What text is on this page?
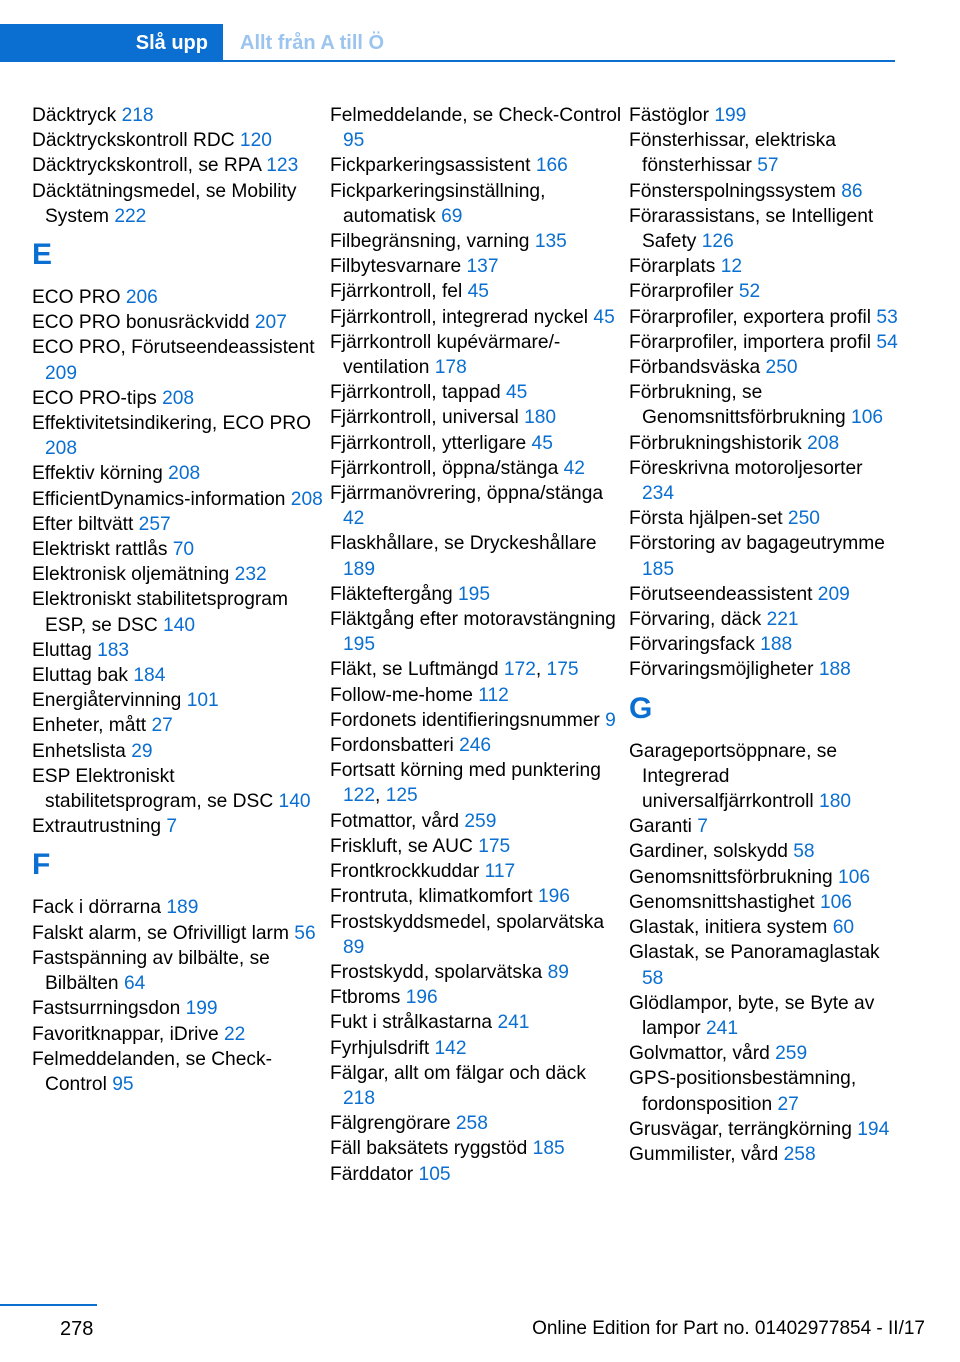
Slå upp	Allt från A till Ö
Däcktryck 218
Däcktryckskontroll RDC 120
Däcktryckskontroll, se RPA 123
Däcktätningsmedel, se Mobility System 222
E
ECO PRO 206
ECO PRO bonusräckvidd 207
ECO PRO, Förutseendeassistent 209
ECO PRO-tips 208
Effektivitetsindikering, ECO PRO 208
Effektiv körning 208
EfficientDynamics-information 208
Efter biltvätt 257
Elektriskt rattlås 70
Elektronisk oljemätning 232
Elektroniskt stabilitetsprogram ESP, se DSC 140
Eluttag 183
Eluttag bak 184
Energiåtervinning 101
Enheter, mått 27
Enhetslista 29
ESP Elektroniskt stabilitetsprogram, se DSC 140
Extrautrustning 7
F
Fack i dörrarna 189
Falskt alarm, se Ofrivilligt larm 56
Fastspänning av bilbälte, se Bilbälten 64
Fastsurrningsdon 199
Favoritknappar, iDrive 22
Felmeddelanden, se Check-Control 95
Felmeddelande, se Check-Control 95
Fickparkeringsassistent 166
Fickparkeringsinställning, automatisk 69
Filbegränsning, varning 135
Filbytesvarnare 137
Fjärrkontroll, fel 45
Fjärrkontroll, integrerad nyckel 45
Fjärrkontroll kupévärmare/-ventilation 178
Fjärrkontroll, tappad 45
Fjärrkontroll, universal 180
Fjärrkontroll, ytterligare 45
Fjärrkontroll, öppna/stänga 42
Fjärrmanövrering, öppna/stänga 42
Flaskhållare, se Dryckeshållare 189
Fläkteftergång 195
Fläktgång efter motoravstängning 195
Fläkt, se Luftmängd 172, 175
Follow-me-home 112
Fordonets identifieringsnummer 9
Fordonsbatteri 246
Fortsatt körning med punktering 122, 125
Fotmattor, vård 259
Friskluft, se AUC 175
Frontkrockkuddar 117
Frontruta, klimatkomfort 196
Frostskyddsmedel, spolarvätska 89
Frostskydd, spolarvätska 89
Ftbroms 196
Fukt i strålkastarna 241
Fyrhjulsdrift 142
Fälgar, allt om fälgar och däck 218
Fälgrengörare 258
Fäll baksätets ryggstöd 185
Färddator 105
Fästöglor 199
Fönsterhissar, elektriska fönsterhissar 57
Fönsterspolningssystem 86
Förarassistans, se Intelligent Safety 126
Förarplats 12
Förarprofiler 52
Förarprofiler, exportera profil 53
Förarprofiler, importera profil 54
Förbandsväska 250
Förbrukning, se Genomsnittsförbrukning 106
Förbrukningshistorik 208
Föreskrivna motoroljesorter 234
Första hjälpen-set 250
Förstoring av bagageutrymme 185
Förutseendeassistent 209
Förvaring, däck 221
Förvaringsfack 188
Förvaringsmöjligheter 188
G
Garageportsöppnare, se Integrerad universalfjärrkontroll 180
Garanti 7
Gardiner, solskydd 58
Genomsnittsförbrukning 106
Genomsnittshastighet 106
Glastak, initiera system 60
Glastak, se Panoramaglastak 58
Glödlampor, byte, se Byte av lampor 241
Golvmattor, vård 259
GPS-positionsbestämning, fordonsposition 27
Grusvägar, terrängkörning 194
Gummilister, vård 258
278	Online Edition for Part no. 01402977854 - II/17
